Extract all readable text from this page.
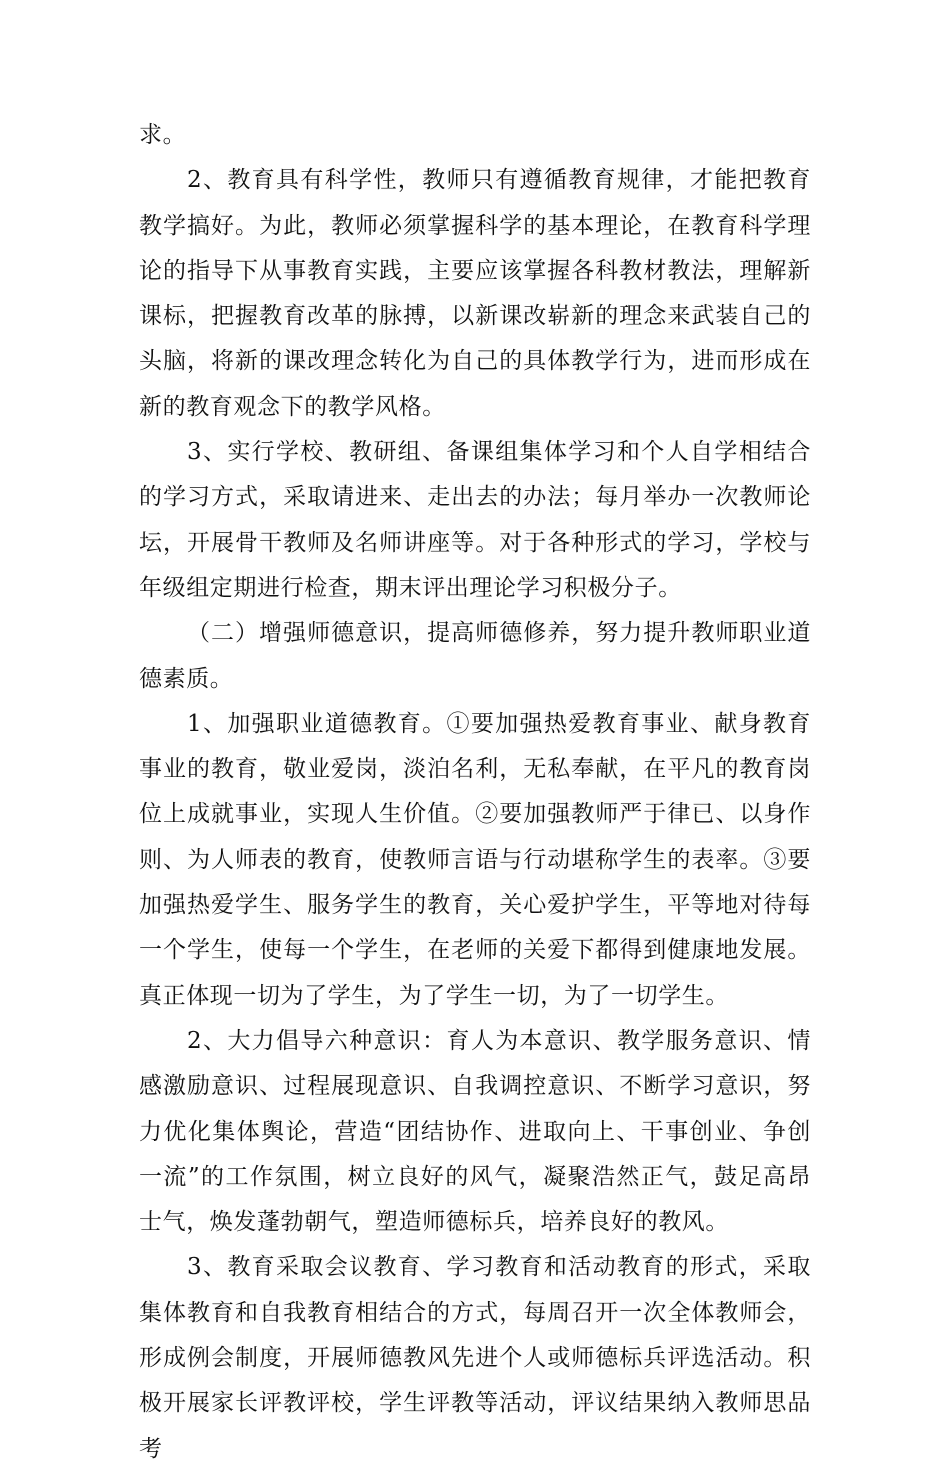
求。

2、教育具有科学性，教师只有遵循教育规律，才能把教育教学搞好。为此，教师必须掌握科学的基本理论，在教育科学理论的指导下从事教育实践，主要应该掌握各科教材教法，理解新课标，把握教育改革的脉搏，以新课改崭新的理念来武装自己的头脑，将新的课改理念转化为自己的具体教学行为，进而形成在新的教育观念下的教学风格。

3、实行学校、教研组、备课组集体学习和个人自学相结合的学习方式，采取请进来、走出去的办法；每月举办一次教师论坛，开展骨干教师及名师讲座等。对于各种形式的学习，学校与年级组定期进行检查，期末评出理论学习积极分子。

（二）增强师德意识，提高师德修养，努力提升教师职业道德素质。

1、加强职业道德教育。①要加强热爱教育事业、献身教育事业的教育，敬业爱岗，淡泊名利，无私奉献，在平凡的教育岗位上成就事业，实现人生价值。②要加强教师严于律已、以身作则、为人师表的教育，使教师言语与行动堪称学生的表率。③要加强热爱学生、服务学生的教育，关心爱护学生，平等地对待每一个学生，使每一个学生，在老师的关爱下都得到健康地发展。真正体现一切为了学生，为了学生一切，为了一切学生。

2、大力倡导六种意识：育人为本意识、教学服务意识、情感激励意识、过程展现意识、自我调控意识、不断学习意识，努力优化集体舆论，营造“团结协作、进取向上、干事创业、争创一流”的工作氛围，树立良好的风气，凝聚浩然正气，鼓足高昂士气，焕发蓬勃朝气，塑造师德标兵，培养良好的教风。

3、教育采取会议教育、学习教育和活动教育的形式，采取集体教育和自我教育相结合的方式，每周召开一次全体教师会，形成例会制度，开展师德教风先进个人或师德标兵评选活动。积极开展家长评教评校，学生评教等活动，评议结果纳入教师思品考
